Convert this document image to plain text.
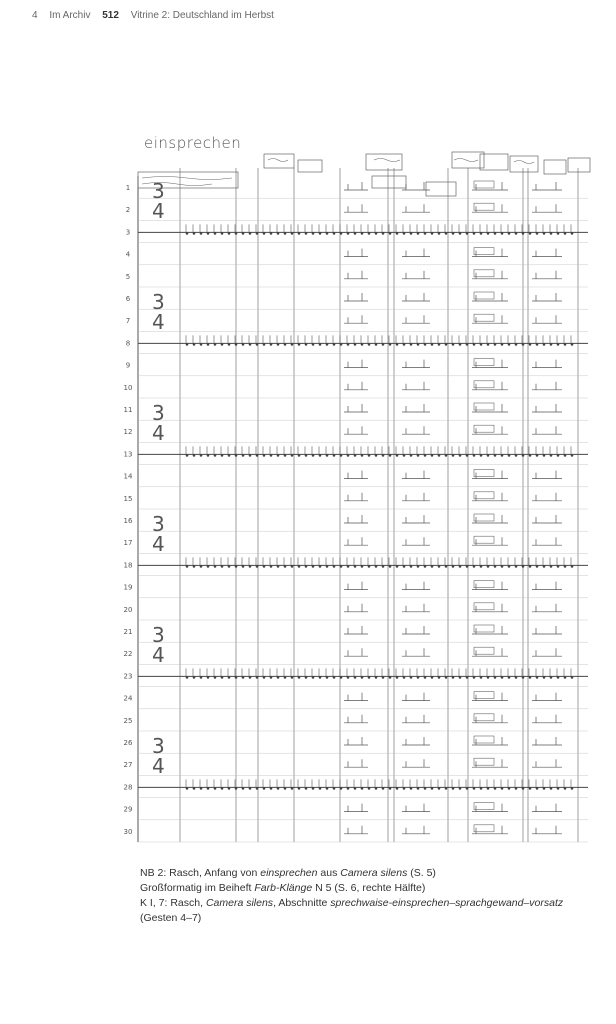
4 Im Archiv 512 Vitrine 2: Deutschland im Herbst
einsprechen
1
2
3
4
5
6
7
8
9
10
11
12
13
14
15
16
17
18
19
20
21
22
23
24
25
26
27
28
29
30
3
4
3
4
3
4
3
4
3
4
3
4
NB 2: Rasch, Anfang von einsprechen aus Camera silens (S. 5)
Großformatig im Beiheft Farb-Klänge N 5 (S. 6, rechte Hälfte)
K I, 7: Rasch, Camera silens, Abschnitte sprechwaise-einsprechen–sprachgewand–vorsatz
(Gesten 4–7)
